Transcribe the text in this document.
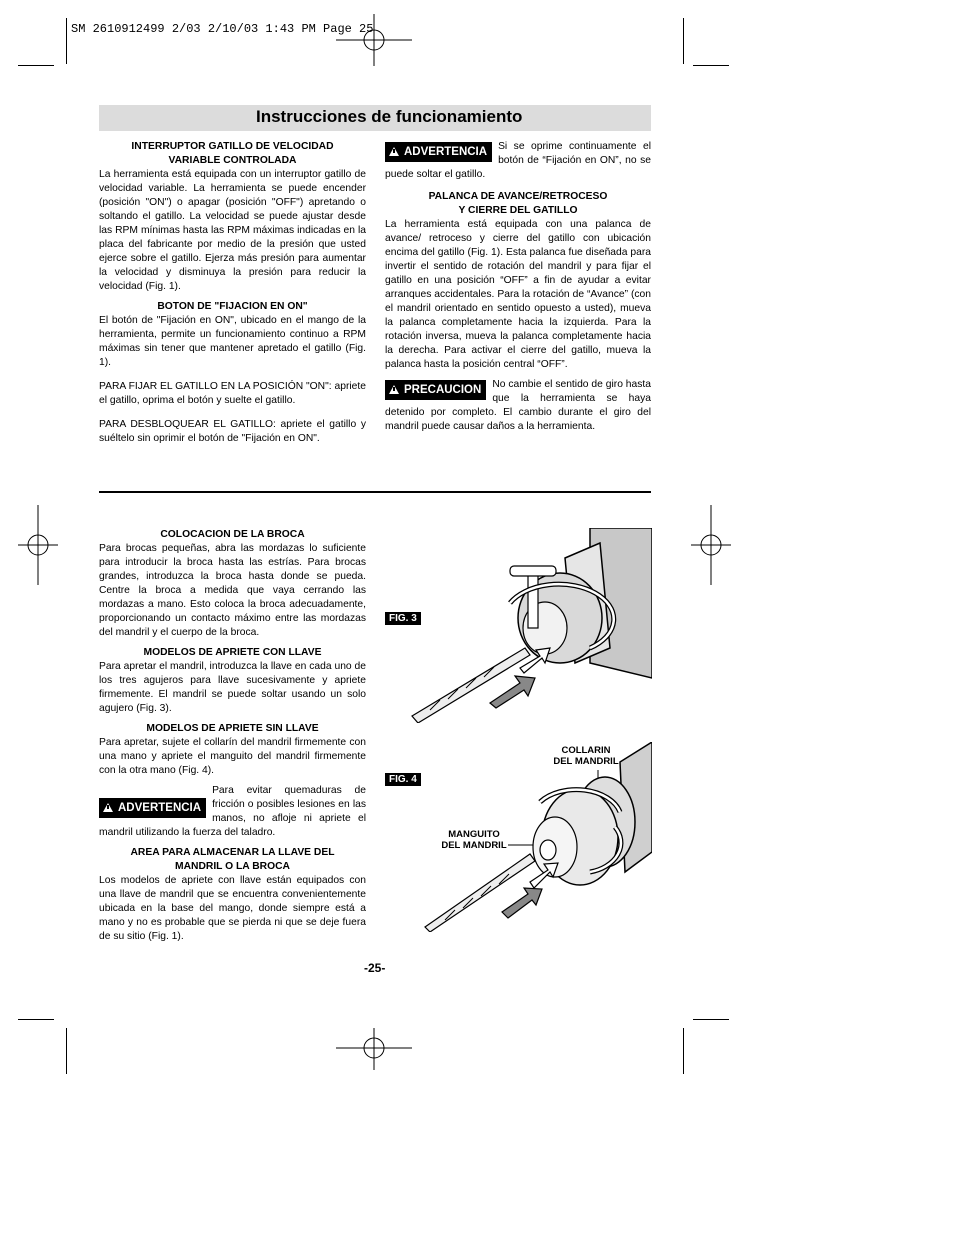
SM 2610912499 2/03 2/10/03 1:43 PM Page 25
Instrucciones de funcionamiento

INTERRUPTOR GATILLO DE VELOCIDAD
VARIABLE CONTROLADA

La herramienta está equipada con un interruptor gatillo de velocidad variable. La herramienta se puede encender (posición "ON") o apagar (posición "OFF") apretando o soltando el gatillo. La velocidad se puede ajustar desde las RPM mínimas hasta las RPM máximas indicadas en la placa del fabricante por medio de la presión que usted ejerce sobre el gatillo. Ejerza más presión para aumentar la velocidad y disminuya la presión para reducir la velocidad (Fig. 1).

BOTON DE "FIJACION EN ON"

El botón de "Fijación en ON", ubicado en el mango de la herramienta, permite un funcionamiento continuo a RPM máximas sin tener que mantener apretado el gatillo (Fig. 1).

PARA FIJAR EL GATILLO EN LA POSICIÓN "ON": apriete el gatillo, oprima el botón y suelte el gatillo.

PARA DESBLOQUEAR EL GATILLO: apriete el gatillo y suéltelo sin oprimir el botón de "Fijación en ON".

ADVERTENCIA	Si se oprime continuamente el botón de “Fijación en ON”, no se puede soltar el gatillo.

PALANCA DE AVANCE/RETROCESO
Y CIERRE DEL GATILLO

La herramienta está equipada con una palanca de avance/ retroceso y cierre del gatillo con ubicación encima del gatillo (Fig. 1). Esta palanca fue diseñada para invertir el sentido de rotación del mandril y para fijar el gatillo en una posición “OFF” a fin de ayudar a evitar arranques accidentales. Para la rotación de “Avance” (con el mandril orientado en sentido opuesto a usted), mueva la palanca completamente hacia la izquierda. Para la rotación inversa, mueva la palanca completamente hacia la derecha. Para activar el cierre del gatillo, mueva la palanca hasta la posición central “OFF”.

PRECAUCION	No cambie el sentido de giro hasta que la herramienta se haya detenido por completo. El cambio durante el giro del mandril puede causar daños a la herramienta.

COLOCACION DE LA BROCA

Para brocas pequeñas, abra las mordazas lo suficiente para introducir la broca hasta las estrías. Para brocas grandes, introduzca la broca hasta donde se pueda. Centre la broca a medida que vaya cerrando las mordazas a mano. Esto coloca la broca adecuadamente, proporcionando un contacto máximo entre las mordazas del mandril y el cuerpo de la broca.

MODELOS DE APRIETE CON LLAVE

Para apretar el mandril, introduzca la llave en cada uno de los tres agujeros para llave sucesivamente y apriete firmemente. El mandril se puede soltar usando un solo agujero (Fig. 3).

MODELOS DE APRIETE SIN LLAVE

Para apretar, sujete el collarín del mandril firmemente con una mano y apriete el manguito del mandril firmemente con la otra mano (Fig. 4).

ADVERTENCIA

Para evitar quemaduras de fricción o posibles lesiones en las manos, no afloje ni apriete el mandril utilizando la fuerza del taladro.

AREA PARA ALMACENAR LA LLAVE DEL
MANDRIL O LA BROCA

Los modelos de apriete con llave están equipados con una llave de mandril que se encuentra convenientemente ubicada en la base del mango, donde siempre está a mano y no es probable que se pierda ni que se deje fuera de su sitio (Fig. 1).

FIG. 3
FIG. 4
COLLARIN
DEL MANDRIL
MANGUITO
DEL MANDRIL
-25-
